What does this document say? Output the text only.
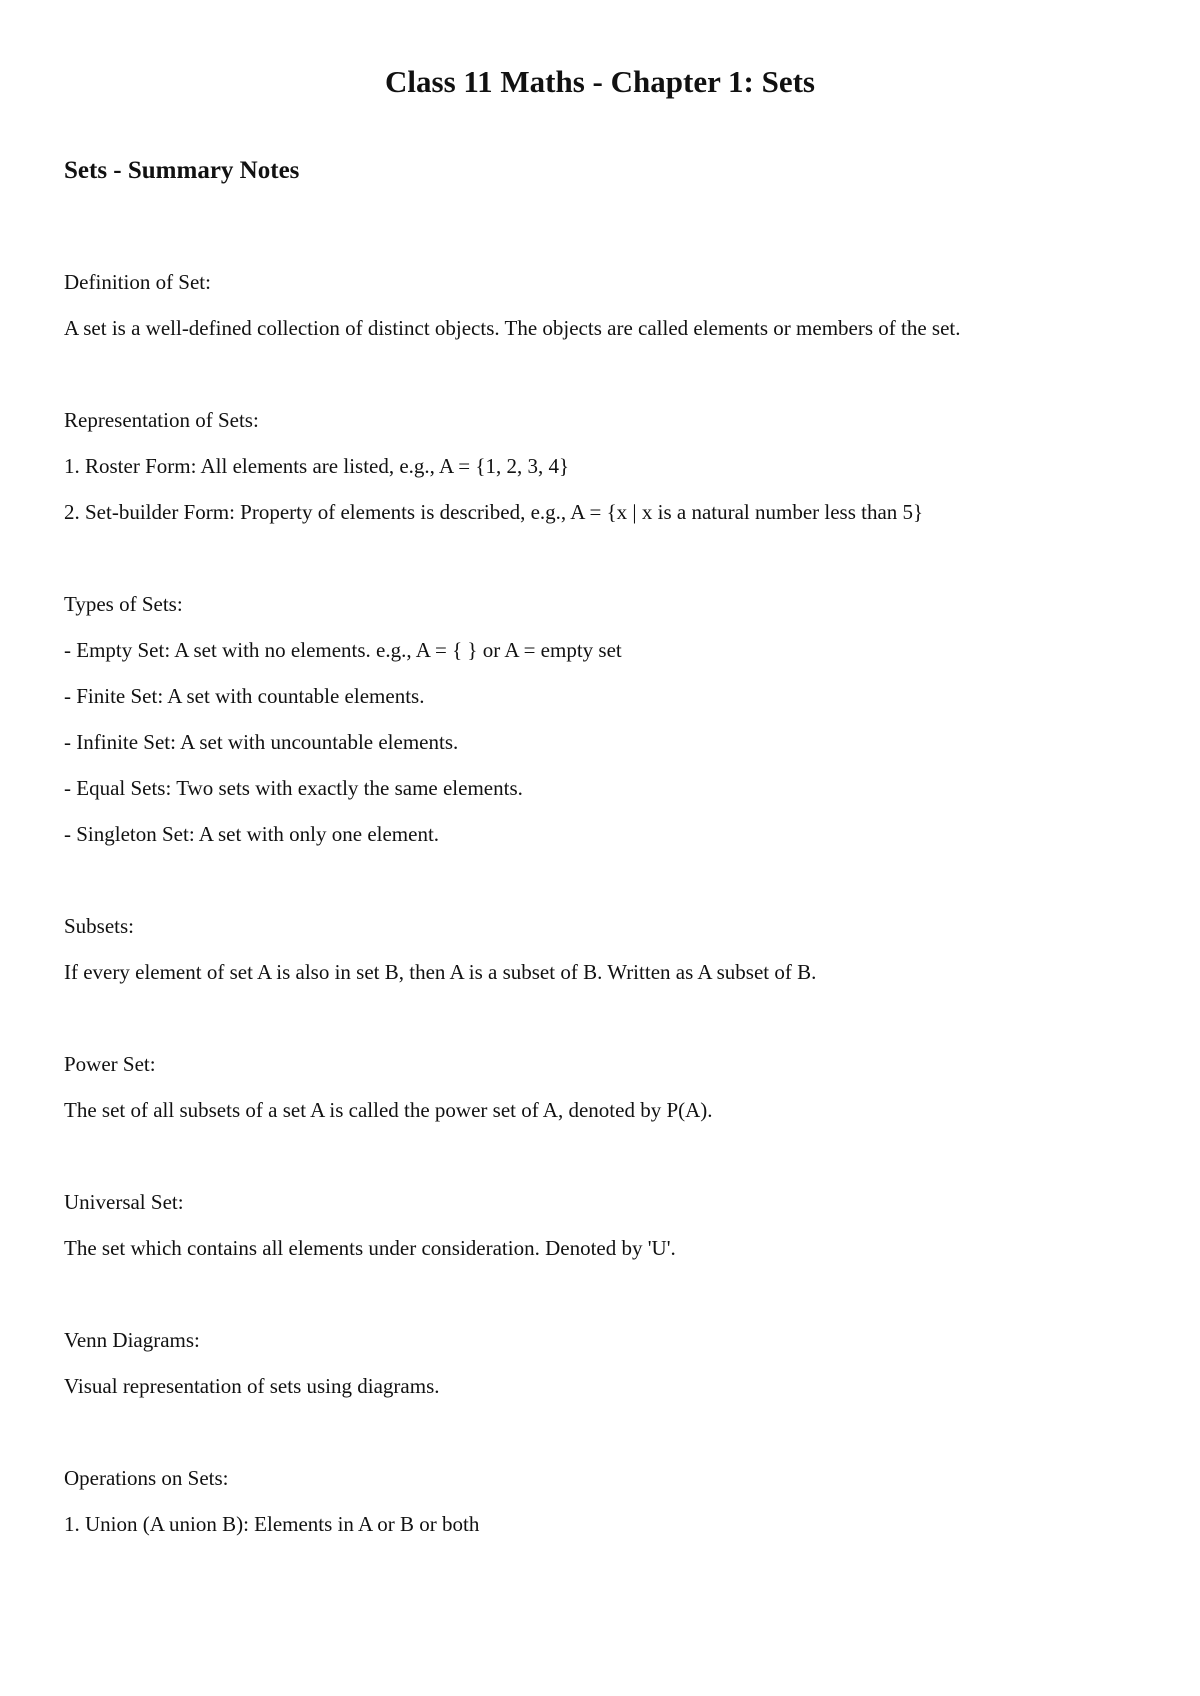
Class 11 Maths - Chapter 1: Sets
Sets - Summary Notes
Definition of Set:
A set is a well-defined collection of distinct objects. The objects are called elements or members of the set.
Representation of Sets:
1. Roster Form: All elements are listed, e.g., A = {1, 2, 3, 4}
2. Set-builder Form: Property of elements is described, e.g., A = {x | x is a natural number less than 5}
Types of Sets:
- Empty Set: A set with no elements. e.g., A = { } or A = empty set
- Finite Set: A set with countable elements.
- Infinite Set: A set with uncountable elements.
- Equal Sets: Two sets with exactly the same elements.
- Singleton Set: A set with only one element.
Subsets:
If every element of set A is also in set B, then A is a subset of B. Written as A subset of B.
Power Set:
The set of all subsets of a set A is called the power set of A, denoted by P(A).
Universal Set:
The set which contains all elements under consideration. Denoted by 'U'.
Venn Diagrams:
Visual representation of sets using diagrams.
Operations on Sets:
1. Union (A union B): Elements in A or B or both
